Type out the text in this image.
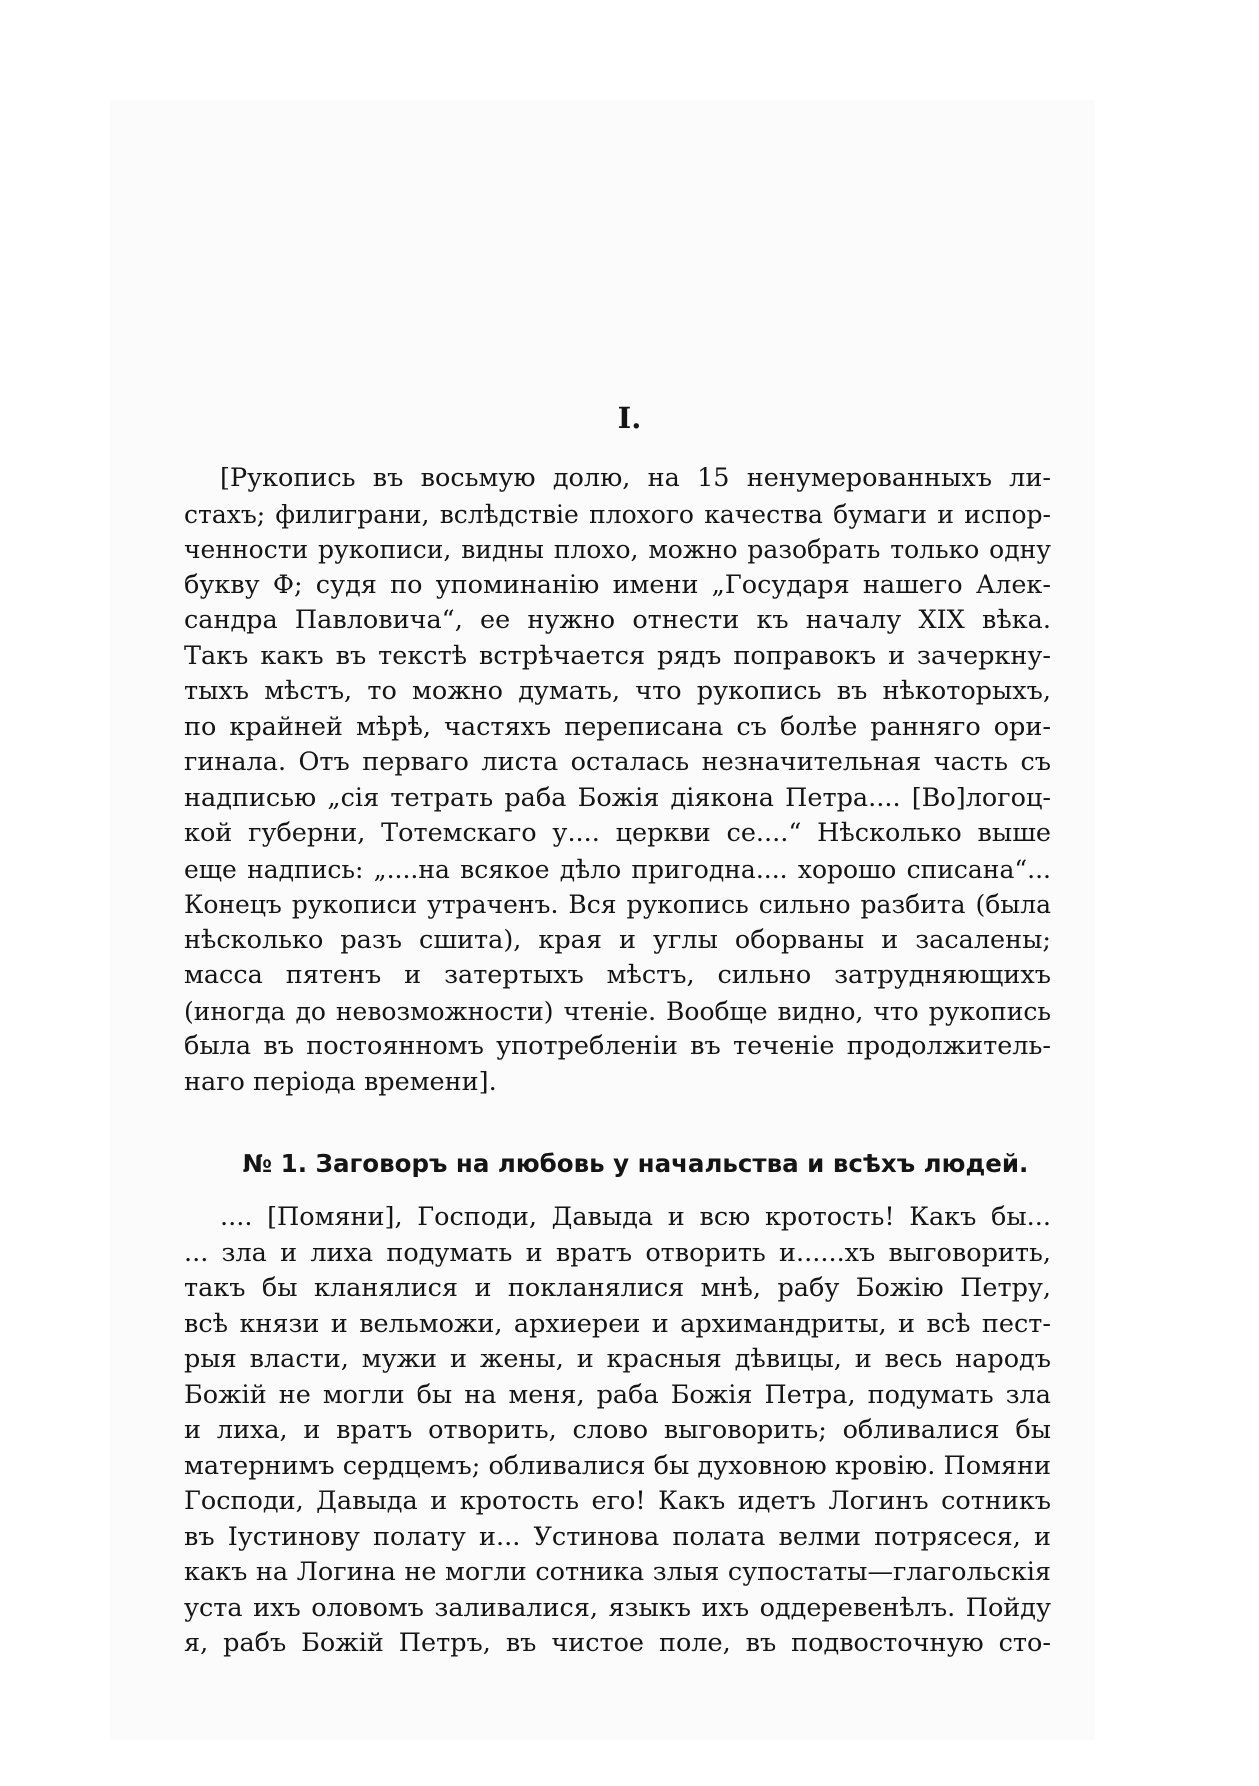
I.
[Рукопись въ восьмую долю, на 15 ненумерованныхъ ли-
стахъ; филиграни, вслѣдствіе плохого качества бумаги и испор-
ченности рукописи, видны плохо, можно разобрать только одну
букву Ф; судя по упоминанію имени „Государя нашего Алек-
сандра Павловича“, ее нужно отнести къ началу XIX вѣка.
Такъ какъ въ текстѣ встрѣчается рядъ поправокъ и зачеркну-
тыхъ мѣстъ, то можно думать, что рукопись въ нѣкоторыхъ,
по крайней мѣрѣ, частяхъ переписана съ болѣе ранняго ори-
гинала. Отъ перваго листа осталась незначительная часть съ
надписью „сія тетрать раба Божія діякона Петра.... [Во]логоц-
кой губерни, Тотемскаго у.... церкви се....“ Нѣсколько выше
еще надпись: „....на всякое дѣло пригодна.... хорошо списана“...
Конецъ рукописи утраченъ. Вся рукопись сильно разбита (была
нѣсколько разъ сшита), края и углы оборваны и засалены;
масса пятенъ и затертыхъ мѣстъ, сильно затрудняющихъ
(иногда до невозможности) чтеніе. Вообще видно, что рукопись
была въ постоянномъ употребленіи въ теченіе продолжитель-
наго періода времени].
№ 1. Заговоръ на любовь у начальства и всѣхъ людей.
.... [Помяни], Господи, Давыда и всю кротость! Какъ бы...
... зла и лиха подумать и вратъ отворить и......хъ выговорить,
такъ бы кланялися и покланялися мнѣ, рабу Божію Петру,
всѣ князи и вельможи, архиереи и архимандриты, и всѣ пест-
рыя власти, мужи и жены, и красныя дѣвицы, и весь народъ
Божій не могли бы на меня, раба Божія Петра, подумать зла
и лиха, и вратъ отворить, слово выговорить; обливалися бы
матернимъ сердцемъ; обливалися бы духовною кровію. Помяни
Господи, Давыда и кротость его! Какъ идетъ Логинъ сотникъ
въ Іустинову полату и... Устинова полата велми потрясеся, и
какъ на Логина не могли сотника злыя супостаты—глагольскія
уста ихъ оловомъ заливалися, языкъ ихъ оддеревенѣлъ. Пойду
я, рабъ Божій Петръ, въ чистое поле, въ подвосточную сто-
